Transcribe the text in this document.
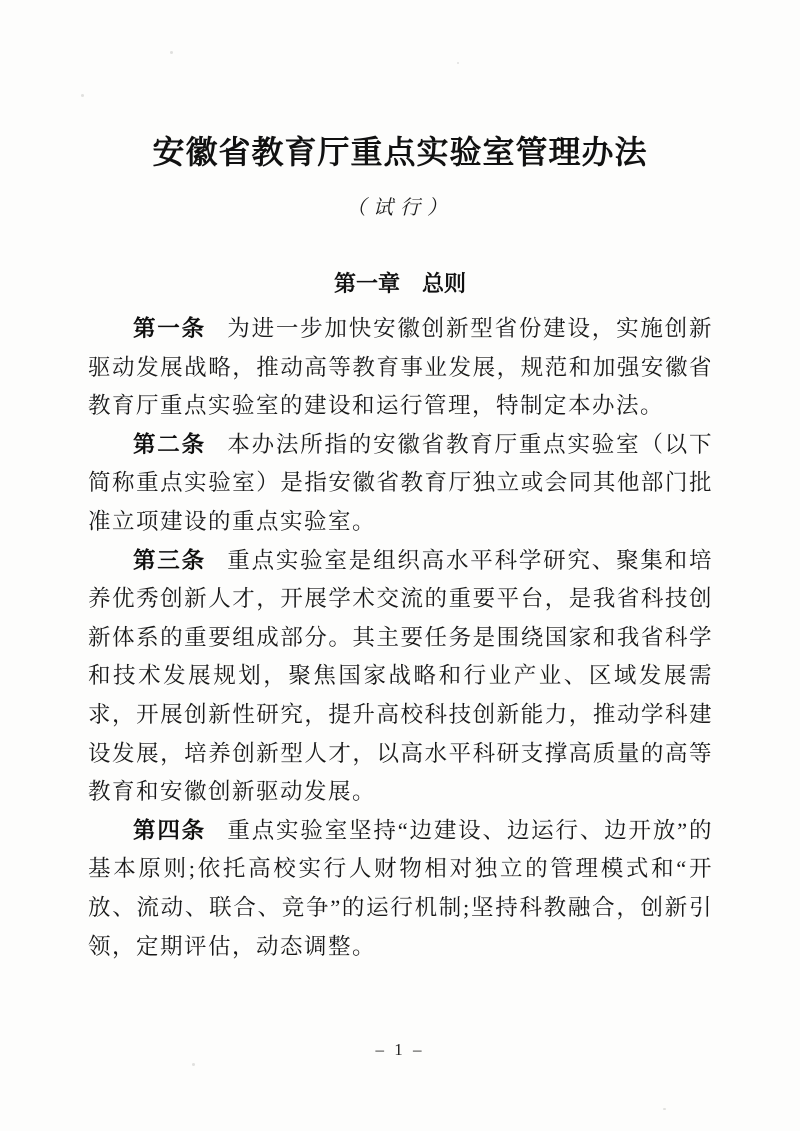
安徽省教育厅重点实验室管理办法
（试行）
第一章 总则

第一条 为进一步加快安徽创新型省份建设，实施创新驱动发展战略，推动高等教育事业发展，规范和加强安徽省教育厅重点实验室的建设和运行管理，特制定本办法。

第二条 本办法所指的安徽省教育厅重点实验室（以下简称重点实验室）是指安徽省教育厅独立或会同其他部门批准立项建设的重点实验室。

第三条 重点实验室是组织高水平科学研究、聚集和培养优秀创新人才，开展学术交流的重要平台，是我省科技创新体系的重要组成部分。其主要任务是围绕国家和我省科学和技术发展规划，聚焦国家战略和行业产业、区域发展需求，开展创新性研究，提升高校科技创新能力，推动学科建设发展，培养创新型人才，以高水平科研支撑高质量的高等教育和安徽创新驱动发展。

第四条 重点实验室坚持“边建设、边运行、边开放”的基本原则;依托高校实行人财物相对独立的管理模式和“开放、流动、联合、竞争”的运行机制;坚持科教融合，创新引领，定期评估，动态调整。

– 1 –
